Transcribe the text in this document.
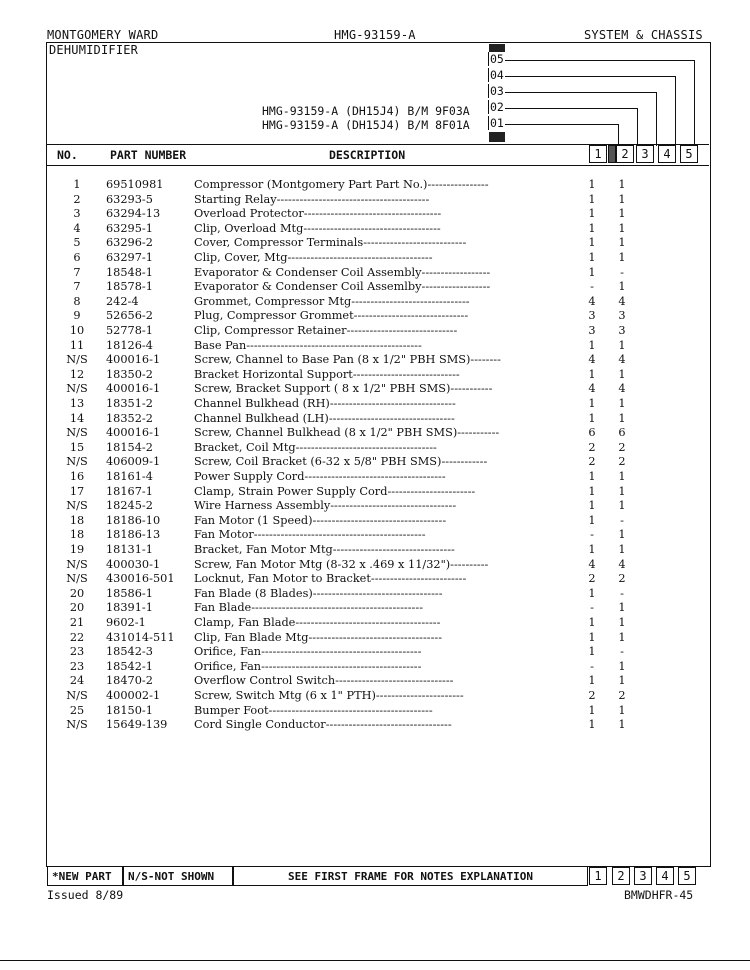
MONTGOMERY WARD	HMG-93159-A	SYSTEM & CHASSIS
DEHUMIDIFIER
HMG-93159-A (DH15J4) B/M 9F03A
HMG-93159-A (DH15J4) B/M 8F01A
05
04
03
02
01
NO.	PART NUMBER	DESCRIPTION	1	2	3	4	5
1	69510981	Compressor (Montgomery Part Part No.)----------------	1	1
2	63293-5	Starting Relay----------------------------------------	1	1
3	63294-13	Overload Protector------------------------------------	1	1
4	63295-1	Clip, Overload Mtg------------------------------------	1	1
5	63296-2	Cover, Compressor Terminals---------------------------	1	1
6	63297-1	Clip, Cover, Mtg--------------------------------------	1	1
7	18548-1	Evaporator & Condenser Coil Assembly------------------	1	-
7	18578-1	Evaporator & Condenser Coil Assemlby------------------	-	1
8	242-4	Grommet, Compressor Mtg-------------------------------	4	4
9	52656-2	Plug, Compressor Grommet------------------------------	3	3
10	52778-1	Clip, Compressor Retainer-----------------------------	3	3
11	18126-4	Base Pan----------------------------------------------	1	1
N/S	400016-1	Screw, Channel to Base Pan (8 x 1/2" PBH SMS)--------	4	4
12	18350-2	Bracket Horizontal Support----------------------------	1	1
N/S	400016-1	Screw, Bracket Support ( 8 x 1/2" PBH SMS)-----------	4	4
13	18351-2	Channel Bulkhead (RH)---------------------------------	1	1
14	18352-2	Channel Bulkhead (LH)---------------------------------	1	1
N/S	400016-1	Screw, Channel Bulkhead (8 x 1/2" PBH SMS)-----------	6	6
15	18154-2	Bracket, Coil Mtg-------------------------------------	2	2
N/S	406009-1	Screw, Coil Bracket (6-32 x 5/8" PBH SMS)------------	2	2
16	18161-4	Power Supply Cord-------------------------------------	1	1
17	18167-1	Clamp, Strain Power Supply Cord-----------------------	1	1
N/S	18245-2	Wire Harness Assembly---------------------------------	1	1
18	18186-10	Fan Motor (1 Speed)-----------------------------------	1	-
18	18186-13	Fan Motor---------------------------------------------	-	1
19	18131-1	Bracket, Fan Motor Mtg--------------------------------	1	1
N/S	400030-1	Screw, Fan Motor Mtg (8-32 x .469 x 11/32")----------	4	4
N/S	430016-501 Locknut, Fan Motor to Bracket-------------------------	2	2
20	18586-1	Fan Blade (8 Blades)----------------------------------	1	-
20	18391-1	Fan Blade---------------------------------------------	-	1
21	9602-1	Clamp, Fan Blade--------------------------------------	1	1
22	431014-511 Clip, Fan Blade Mtg-----------------------------------	1	1
23	18542-3	Orifice, Fan------------------------------------------	1	-
23	18542-1	Orifice, Fan------------------------------------------	-	1
24	18470-2	Overflow Control Switch-------------------------------	1	1
N/S	400002-1	Screw, Switch Mtg (6 x 1" PTH)-----------------------	2	2
25	18150-1	Bumper Foot-------------------------------------------	1	1
N/S	15649-139 Cord Single Conductor---------------------------------	1	1
*NEW PART	N/S-NOT SHOWN	SEE FIRST FRAME FOR NOTES EXPLANATION	1	2	3	4	5
Issued 8/89	BMWDHFR-45
